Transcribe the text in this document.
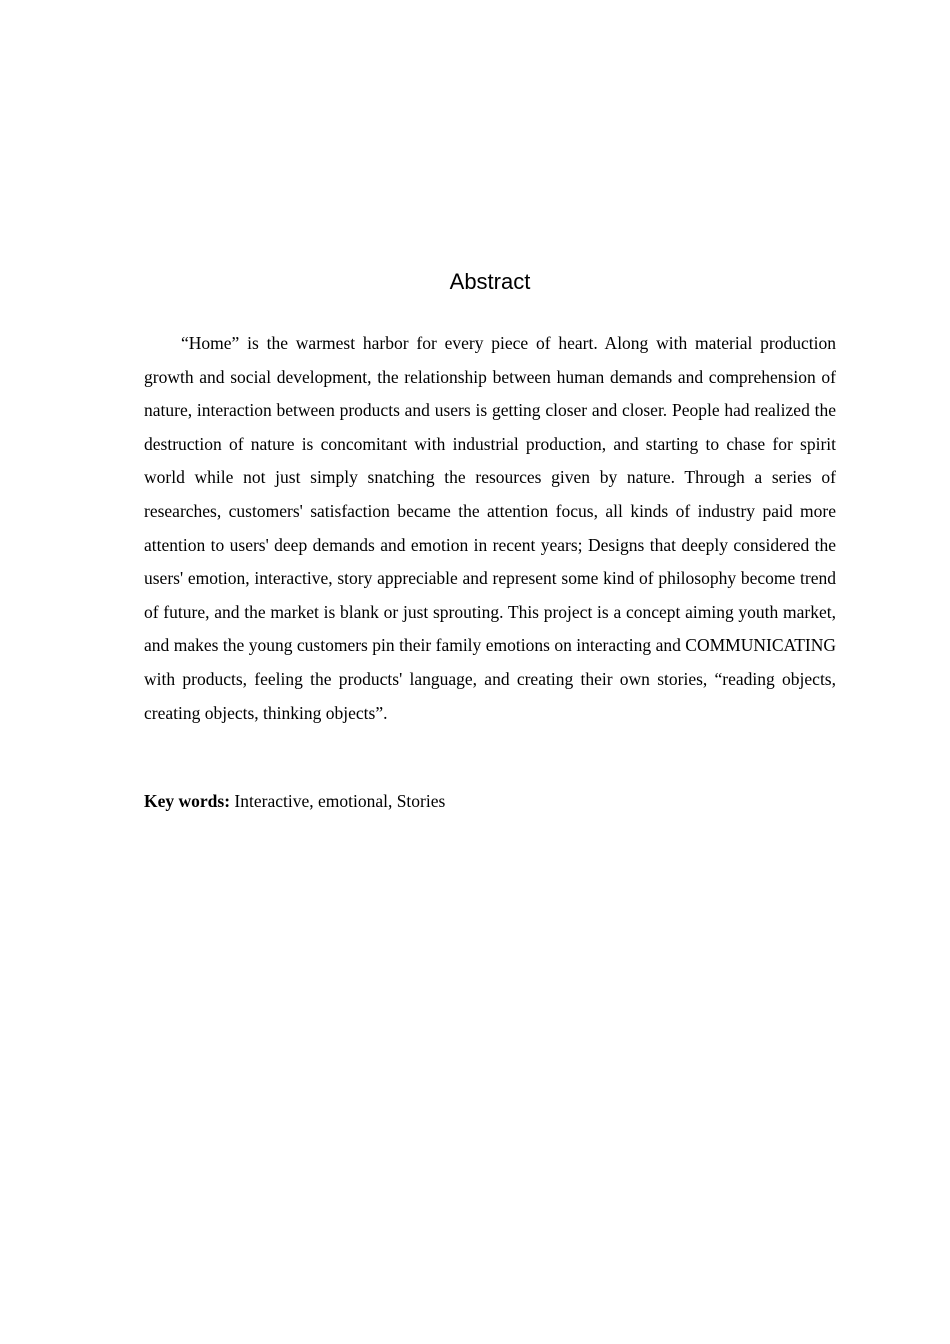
Abstract

“Home” is the warmest harbor for every piece of heart. Along with material production growth and social development, the relationship between human demands and comprehension of nature, interaction between products and users is getting closer and closer. People had realized the destruction of nature is concomitant with industrial production, and starting to chase for spirit world while not just simply snatching the resources given by nature. Through a series of researches, customers' satisfaction became the attention focus, all kinds of industry paid more attention to users' deep demands and emotion in recent years; Designs that deeply considered the users' emotion, interactive, story appreciable and represent some kind of philosophy become trend of future, and the market is blank or just sprouting. This project is a concept aiming youth market, and makes the young customers pin their family emotions on interacting and COMMUNICATING with products, feeling the products' language, and creating their own stories, “reading objects, creating objects, thinking objects”.

Key words: Interactive, emotional, Stories
